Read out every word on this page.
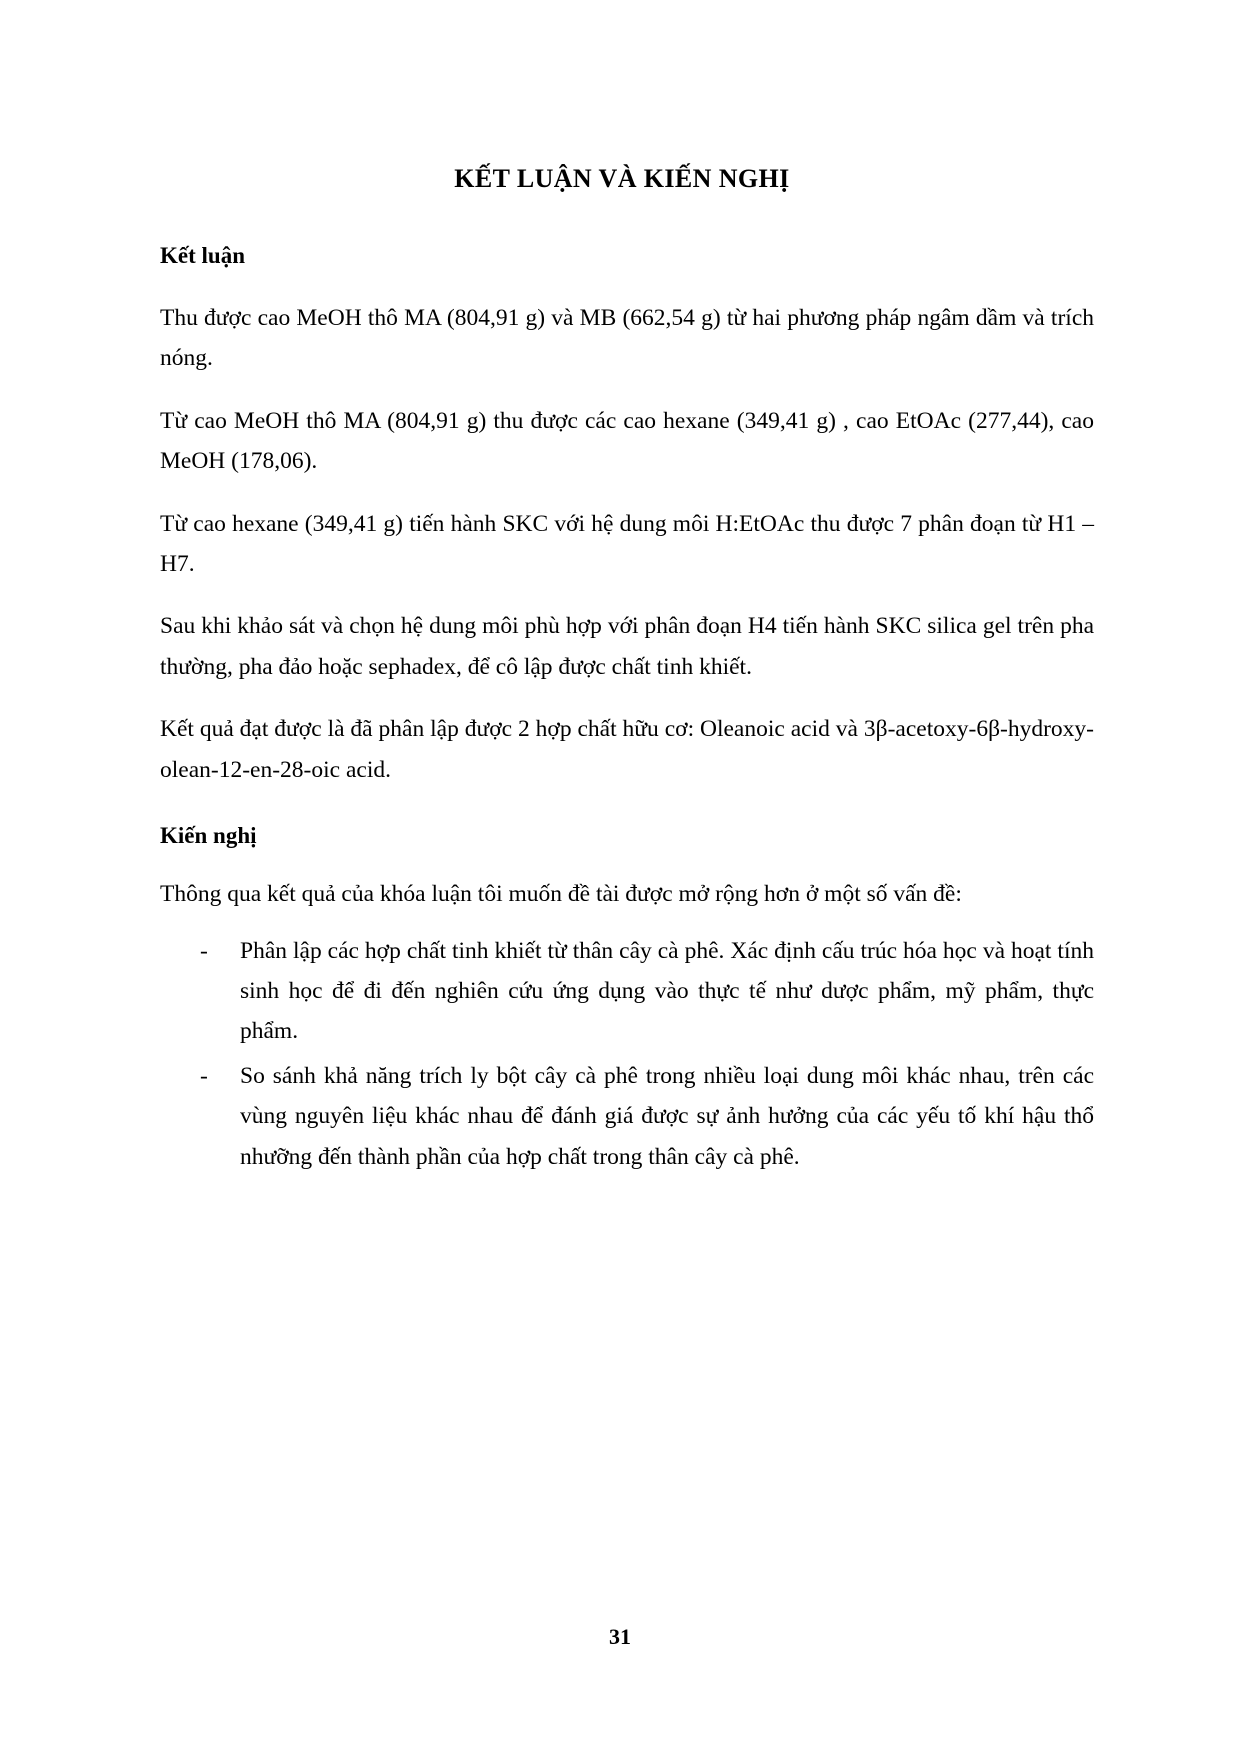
KẾT LUẬN VÀ KIẾN NGHỊ
Kết luận

Thu được cao MeOH thô MA (804,91 g) và MB (662,54 g) từ hai phương pháp ngâm dầm và trích nóng.

Từ cao MeOH thô MA (804,91 g) thu được các cao hexane (349,41 g) , cao EtOAc (277,44), cao MeOH (178,06).

Từ cao hexane (349,41 g) tiến hành SKC với hệ dung môi H:EtOAc thu được 7 phân đoạn từ H1 – H7.

Sau khi khảo sát và chọn hệ dung môi phù hợp với phân đoạn H4 tiến hành SKC silica gel trên pha thường, pha đảo hoặc sephadex, để cô lập được chất tinh khiết.

Kết quả đạt được là đã phân lập được 2 hợp chất hữu cơ: Oleanoic acid và 3β-acetoxy-6β-hydroxy-olean-12-en-28-oic acid.

Kiến nghị

Thông qua kết quả của khóa luận tôi muốn đề tài được mở rộng hơn ở một số vấn đề:

- Phân lập các hợp chất tinh khiết từ thân cây cà phê. Xác định cấu trúc hóa học và hoạt tính sinh học để đi đến nghiên cứu ứng dụng vào thực tế như dược phẩm, mỹ phẩm, thực phẩm.
- So sánh khả năng trích ly bột cây cà phê trong nhiều loại dung môi khác nhau, trên các vùng nguyên liệu khác nhau để đánh giá được sự ảnh hưởng của các yếu tố khí hậu thổ nhưỡng đến thành phần của hợp chất trong thân cây cà phê.
31
